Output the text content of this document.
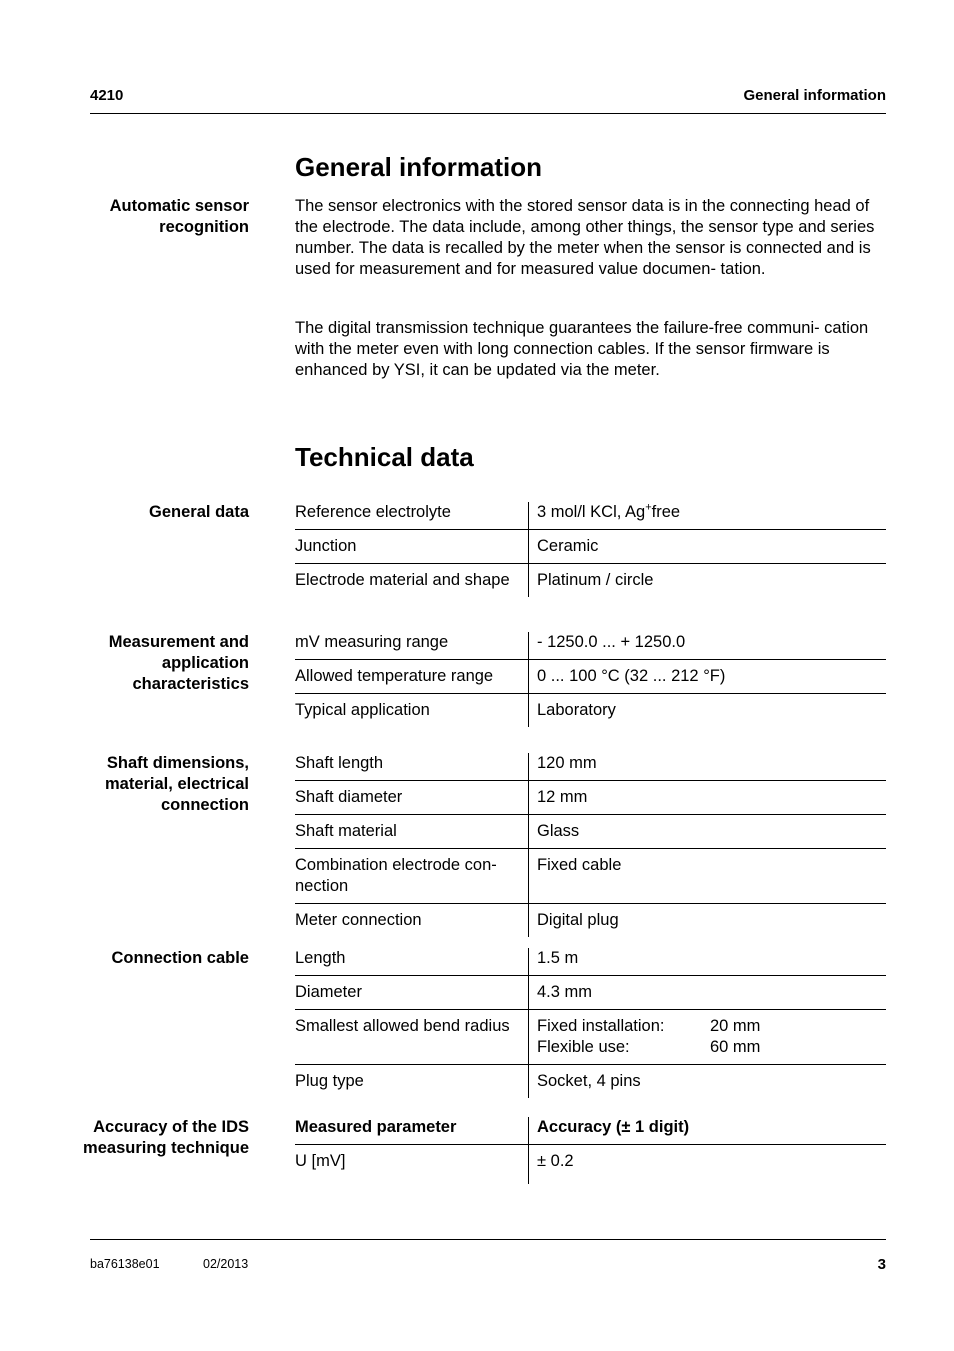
4210	General information
General information
Automatic sensor recognition

The sensor electronics with the stored sensor data is in the connecting head of the electrode. The data include, among other things, the sensor type and series number. The data is recalled by the meter when the sensor is connected and is used for measurement and for measured value documen- tation.

The digital transmission technique guarantees the failure-free communi- cation with the meter even with long connection cables. If the sensor firmware is enhanced by YSI, it can be updated via the meter.

Technical data
General data	Reference electrolyte	3 mol/l KCl, Ag+free
Junction	Ceramic
Electrode material and shape	Platinum / circle
Measurement and application characteristics
mV measuring range	- 1250.0 ... + 1250.0
Allowed temperature range	0 ... 100 °C (32 ... 212 °F)
Typical application	Laboratory
Shaft dimensions, material, electrical connection
Shaft length	120 mm
Shaft diameter	12 mm
Shaft material	Glass
Combination electrode con- nection	Fixed cable
Meter connection	Digital plug
Connection cable	Length	1.5 m
Diameter	4.3 mm
Smallest allowed bend radius	Fixed installation: 20 mm
Flexible use: 60 mm

Plug type	Socket, 4 pins
Accuracy of the IDS measuring technique
Measured parameter	Accuracy (± 1 digit)
U [mV]	± 0.2
ba76138e01	02/2013	3
